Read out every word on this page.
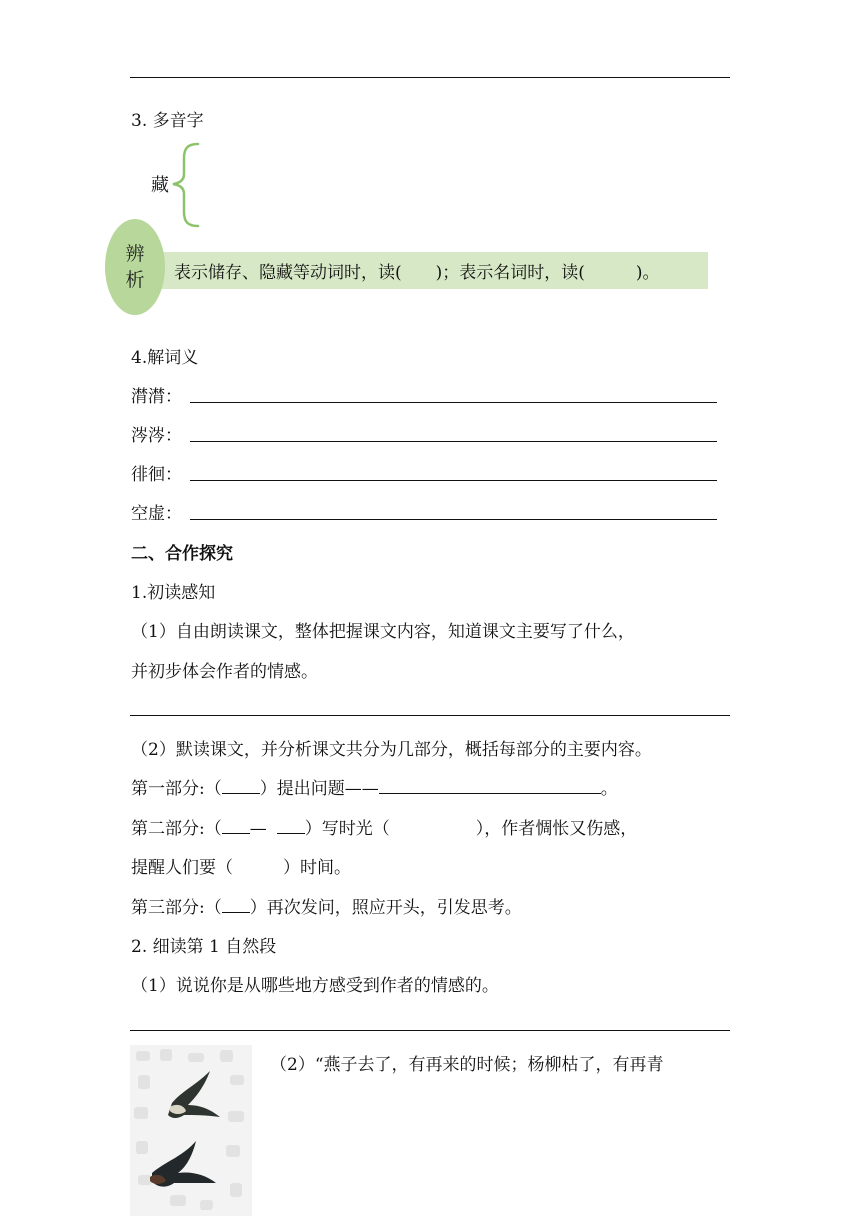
3. 多音字
藏
表示储存、隐藏等动词时，读(　　)；表示名词时，读(　　　)。
辨
析
4.解词义
潸潸：
涔涔：
徘徊：
空虚：
二、合作探究
1.初读感知
（1）自由朗读课文，整体把握课文内容，知道课文主要写了什么，
并初步体会作者的情感。
（2）默读课文，并分析课文共分为几部分，概括每部分的主要内容。
第一部分:（ ）提出问题——	。
第二部分:（ — ）写时光（	），作者惆怅又伤感，
提醒人们要（	）时间。
第三部分:（ ）再次发问，照应开头，引发思考。
2. 细读第 1 自然段
（1）说说你是从哪些地方感受到作者的情感的。
（2）“燕子去了，有再来的时候；杨柳枯了，有再青
